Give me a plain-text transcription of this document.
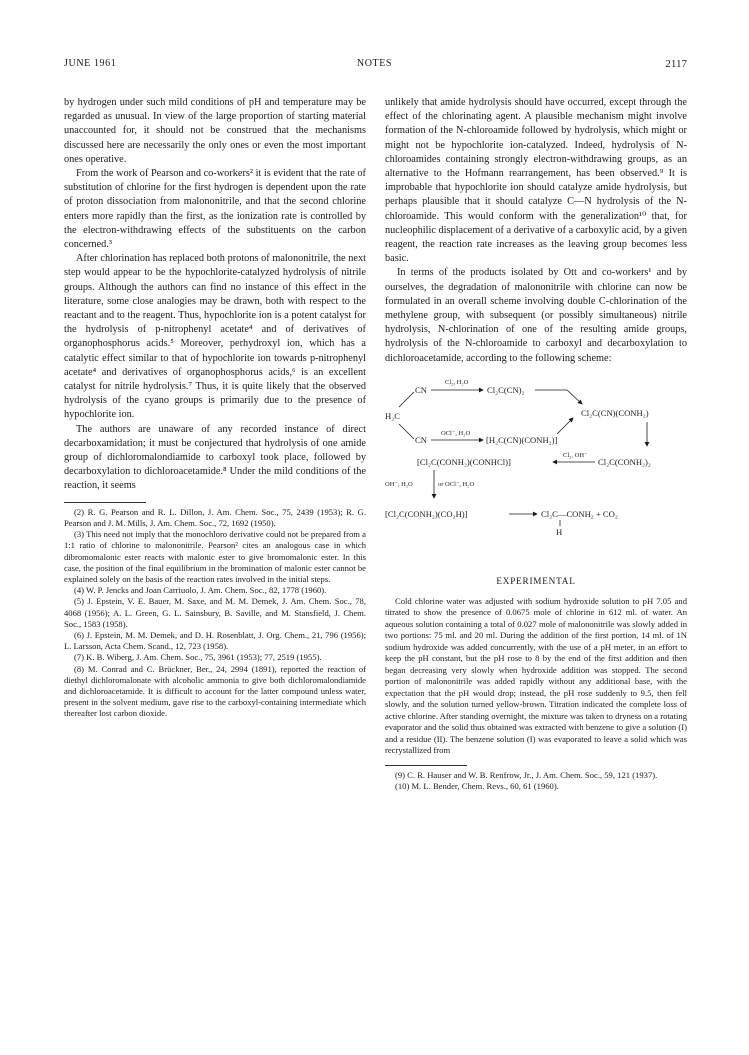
JUNE 1961	NOTES	2117

by hydrogen under such mild conditions of pH and temperature may be regarded as unusual. In view of the large proportion of starting material unaccounted for, it should not be construed that the mechanisms discussed here are necessarily the only ones or even the most important ones operative.

From the work of Pearson and co-workers² it is evident that the rate of substitution of chlorine for the first hydrogen is dependent upon the rate of proton dissociation from malononitrile, and that the second chlorine enters more rapidly than the first, as the ionization rate is controlled by the electron-withdrawing effects of the substituents on the carbon concerned.³

After chlorination has replaced both protons of malononitrile, the next step would appear to be the hypochlorite-catalyzed hydrolysis of nitrile groups. Although the authors can find no instance of this effect in the literature, some close analogies may be drawn, both with respect to the reactant and to the reagent. Thus, hypochlorite ion is a potent catalyst for the hydrolysis of p-nitrophenyl acetate⁴ and of derivatives of organophosphorus acids.⁵ Moreover, perhydroxyl ion, which has a catalytic effect similar to that of hypochlorite ion towards p-nitrophenyl acetate⁴ and derivatives of organophosphorus acids,⁶ is an excellent catalyst for nitrile hydrolysis.⁷ Thus, it is quite likely that the observed hydrolysis of the cyano groups is primarily due to the presence of hypochlorite ion.

The authors are unaware of any recorded instance of direct decarboxamidation; it must be conjectured that hydrolysis of one amide group of dichloromalondiamide to carboxyl took place, followed by decarboxylation to dichloroacetamide.⁸ Under the mild conditions of the reaction, it seems

(2) R. G. Pearson and R. L. Dillon, J. Am. Chem. Soc., 75, 2439 (1953); R. G. Pearson and J. M. Mills, J. Am. Chem. Soc., 72, 1692 (1950).

(3) This need not imply that the monochloro derivative could not be prepared from a 1:1 ratio of chlorine to malononitrile. Pearson² cites an analogous case in which dibromomalonic ester reacts with malonic ester to give bromomalonic ester. In this case, the position of the final equilibrium in the bromination of malonic ester cannot be explained solely on the basis of the reaction rates involved in the initial steps.

(4) W. P. Jencks and Joan Carriuolo, J. Am. Chem. Soc., 82, 1778 (1960).

(5) J. Epstein, V. E. Bauer, M. Saxe, and M. M. Demek, J. Am. Chem. Soc., 78, 4068 (1956); A. L. Green, G. L. Sainsbury, B. Saville, and M. Stansfield, J. Chem. Soc., 1583 (1958).

(6) J. Epstein, M. M. Demek, and D. H. Rosenblatt, J. Org. Chem., 21, 796 (1956); L. Larsson, Acta Chem. Scand., 12, 723 (1958).

(7) K. B. Wiberg, J. Am. Chem. Soc., 75, 3961 (1953); 77, 2519 (1955).

(8) M. Conrad and C. Brückner, Ber., 24, 2994 (1891), reported the reaction of diethyl dichloromalonate with alcoholic ammonia to give both dichloromalondiamide and dichloroacetamide. It is difficult to account for the latter compound unless water, present in the solvent medium, gave rise to the carboxyl-containing intermediate which thereafter lost carbon dioxide.

unlikely that amide hydrolysis should have occurred, except through the effect of the chlorinating agent. A plausible mechanism might involve formation of the N-chloroamide followed by hydrolysis, which might or might not be hypochlorite ion-catalyzed. Indeed, hydrolysis of N-chloroamides containing strongly electron-withdrawing groups, as an alternative to the Hofmann rearrangement, has been observed.⁹ It is improbable that hypochlorite ion should catalyze amide hydrolysis, but perhaps plausible that it should catalyze C—N hydrolysis of the N-chloroamide. This would conform with the generalization¹⁰ that, for nucleophilic displacement of a derivative of a carboxylic acid, by a given reagent, the reaction rate increases as the leaving group becomes less basic.

In terms of the products isolated by Ott and co-workers¹ and by ourselves, the degradation of malononitrile with chlorine can now be formulated in an overall scheme involving double C-chlorination of the methylene group, with subsequent (or possibly simultaneous) nitrile hydrolysis, N-chlorination of one of the resulting amide groups, hydrolysis of the N-chloroamide to carboxyl and decarboxylation to dichloroacetamide, according to the following scheme:

H₂C
CN
CN
Cl₂, H₂O
Cl₂C(CN)₂
Cl₂C(CN)(CONH₂)
OCl⁻, H₂O
[H₂C(CN)(CONH₂)]
Cl₂, OH⁻
Cl₂C(CONH₂)₂
[Cl₂C(CONH₂)(CONHCl)]
OH⁻, H₂O	or OCl⁻, H₂O
[Cl₂C(CONH₂)(CO₂H)]	Cl₂C—CONH₂ + CO₂
H
EXPERIMENTAL

Cold chlorine water was adjusted with sodium hydroxide solution to pH 7.05 and titrated to show the presence of 0.0675 mole of chlorine in 612 ml. of water. An aqueous solution containing a total of 0.027 mole of malononitrile was slowly added in two portions: 75 ml. and 20 ml. During the addition of the first portion, 14 ml. of 1N sodium hydroxide was added concurrently, with the use of a pH meter, in an effort to keep the pH constant, but the pH rose to 8 by the end of the first addition and then began decreasing very slowly when hydroxide addition was stopped. The second portion of malononitrile was added rapidly without any additional base, with the expectation that the pH would drop; instead, the pH rose suddenly to 9.5, then fell slowly, and the solution turned yellow-brown. Titration indicated the complete loss of active chlorine. After standing overnight, the mixture was taken to dryness on a rotating evaporator and the solid thus obtained was extracted with benzene to give a solution (I) and a residue (II). The benzene solution (I) was evaporated to leave a solid which was recrystallized from

(9) C. R. Hauser and W. B. Renfrow, Jr., J. Am. Chem. Soc., 59, 121 (1937).

(10) M. L. Bender, Chem. Revs., 60, 61 (1960).
